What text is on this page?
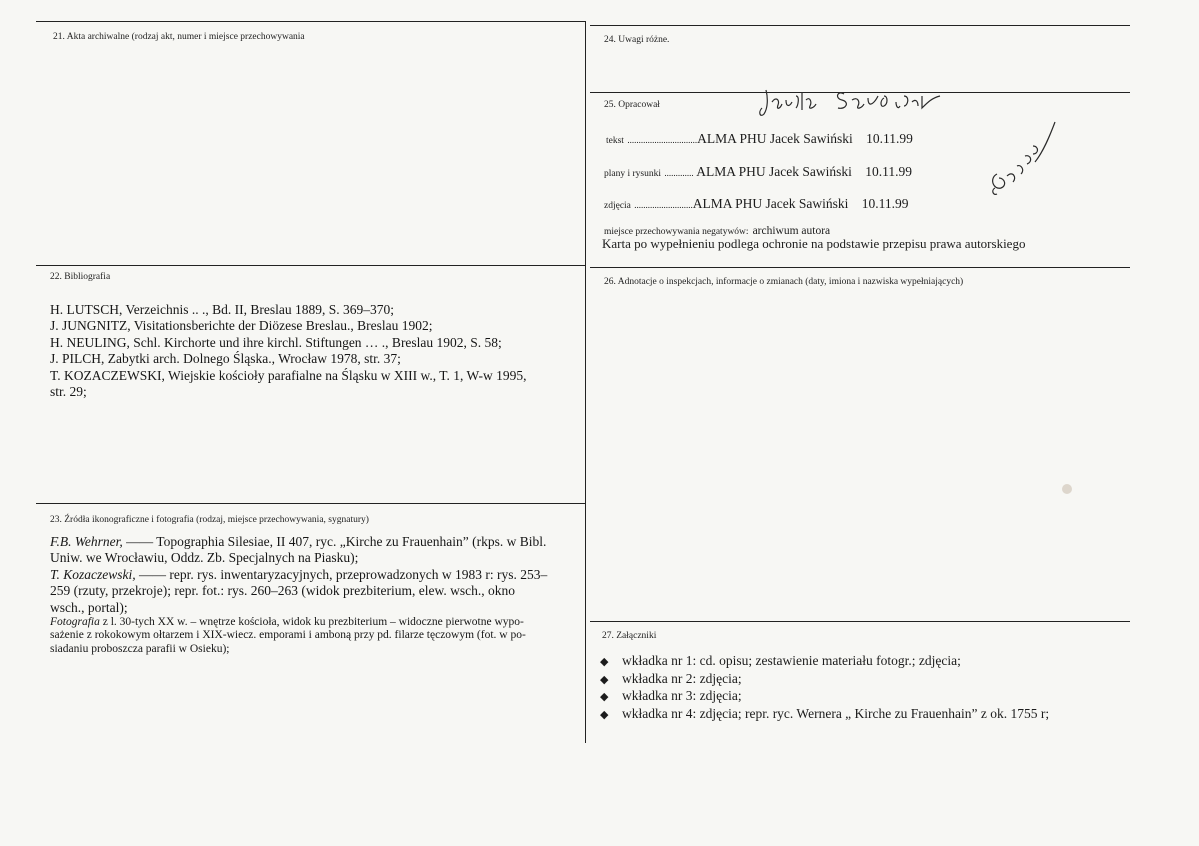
21. Akta archiwalne (rodzaj akt, numer i miejsce przechowywania
22. Bibliografia
H. LUTSCH, Verzeichnis .. ., Bd. II, Breslau 1889, S. 369–370;
J. JUNGNITZ, Visitationsberichte der Diözese Breslau., Breslau 1902;
H. NEULING, Schl. Kirchorte und ihre kirchl. Stiftungen … ., Breslau 1902, S. 58;
J. PILCH, Zabytki arch. Dolnego Śląska., Wrocław 1978, str. 37;
T. KOZACZEWSKI, Wiejskie kościoły parafialne na Śląsku w XIII w., T. 1, W-w 1995,
str. 29;
23. Źródła ikonograficzne i fotografia (rodzaj, miejsce przechowywania, sygnatury)
F.B. Wehrner, —— Topographia Silesiae, II 407, ryc. „Kirche zu Frauenhain” (rkps. w Bibl.
Uniw. we Wrocławiu, Oddz. Zb. Specjalnych na Piasku);
T. Kozaczewski, —— repr. rys. inwentaryzacyjnych, przeprowadzonych w 1983 r: rys. 253–
259 (rzuty, przekroje); repr. fot.: rys. 260–263 (widok prezbiterium, elew. wsch., okno
wsch., portal);
Fotografia z l. 30-tych XX w. – wnętrze kościoła, widok ku prezbiterium – widoczne pierwotne wypo-
sażenie z rokokowym ołtarzem i XIX-wiecz. emporami i amboną przy pd. filarze tęczowym (fot. w po-
siadaniu proboszcza parafii w Osieku);
24. Uwagi różne.
25. Opracował
tekst ...............................ALMA PHU Jacek Sawiński 10.11.99
plany i rysunki ............. ALMA PHU Jacek Sawiński 10.11.99
zdjęcia ..........................ALMA PHU Jacek Sawiński 10.11.99
miejsce przechowywania negatywów: archiwum autora
Karta po wypełnieniu podlega ochronie na podstawie przepisu prawa autorskiego
26. Adnotacje o inspekcjach, informacje o zmianach (daty, imiona i nazwiska wypełniających)
27. Załączniki
◆ wkładka nr 1: cd. opisu; zestawienie materiału fotogr.; zdjęcia;
◆ wkładka nr 2: zdjęcia;
◆ wkładka nr 3: zdjęcia;
◆ wkładka nr 4: zdjęcia; repr. ryc. Wernera „ Kirche zu Frauenhain” z ok. 1755 r;
